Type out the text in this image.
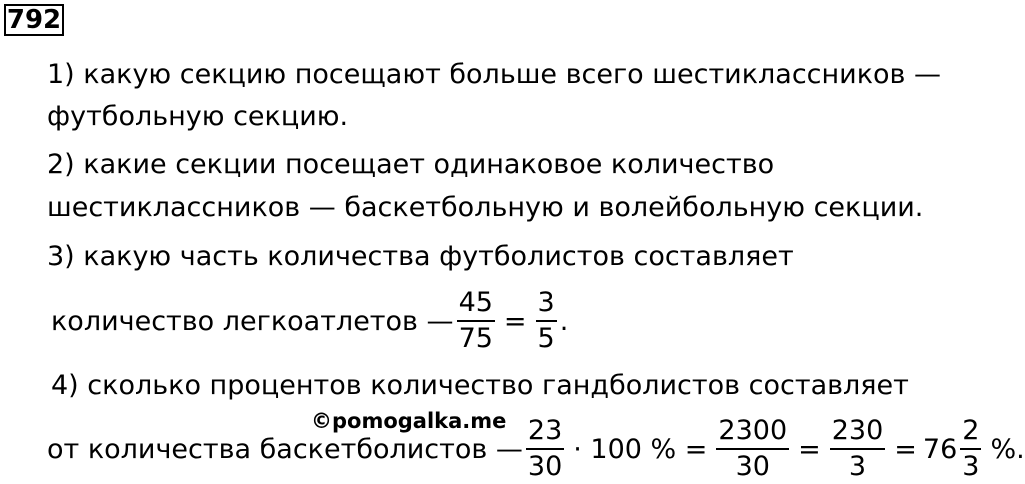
792
1) какую секцию посещают больше всего шестиклассников —
футбольную секцию.
2) какие секции посещает одинаковое количество
шестиклассников — баскетбольную и волейбольную секции.
3) какую часть количества футболистов составляет
количество легкоатлетов — $\frac{45}{75} = \frac{3}{5}$ .
4) сколько процентов количество гандболистов составляет
©pomogalka.me
от количества баскетболистов — $\frac{23}{30} \cdot 100$ % = $\frac{2300}{30} = \frac{230}{3} = 76 \frac{2}{3}$ %.
